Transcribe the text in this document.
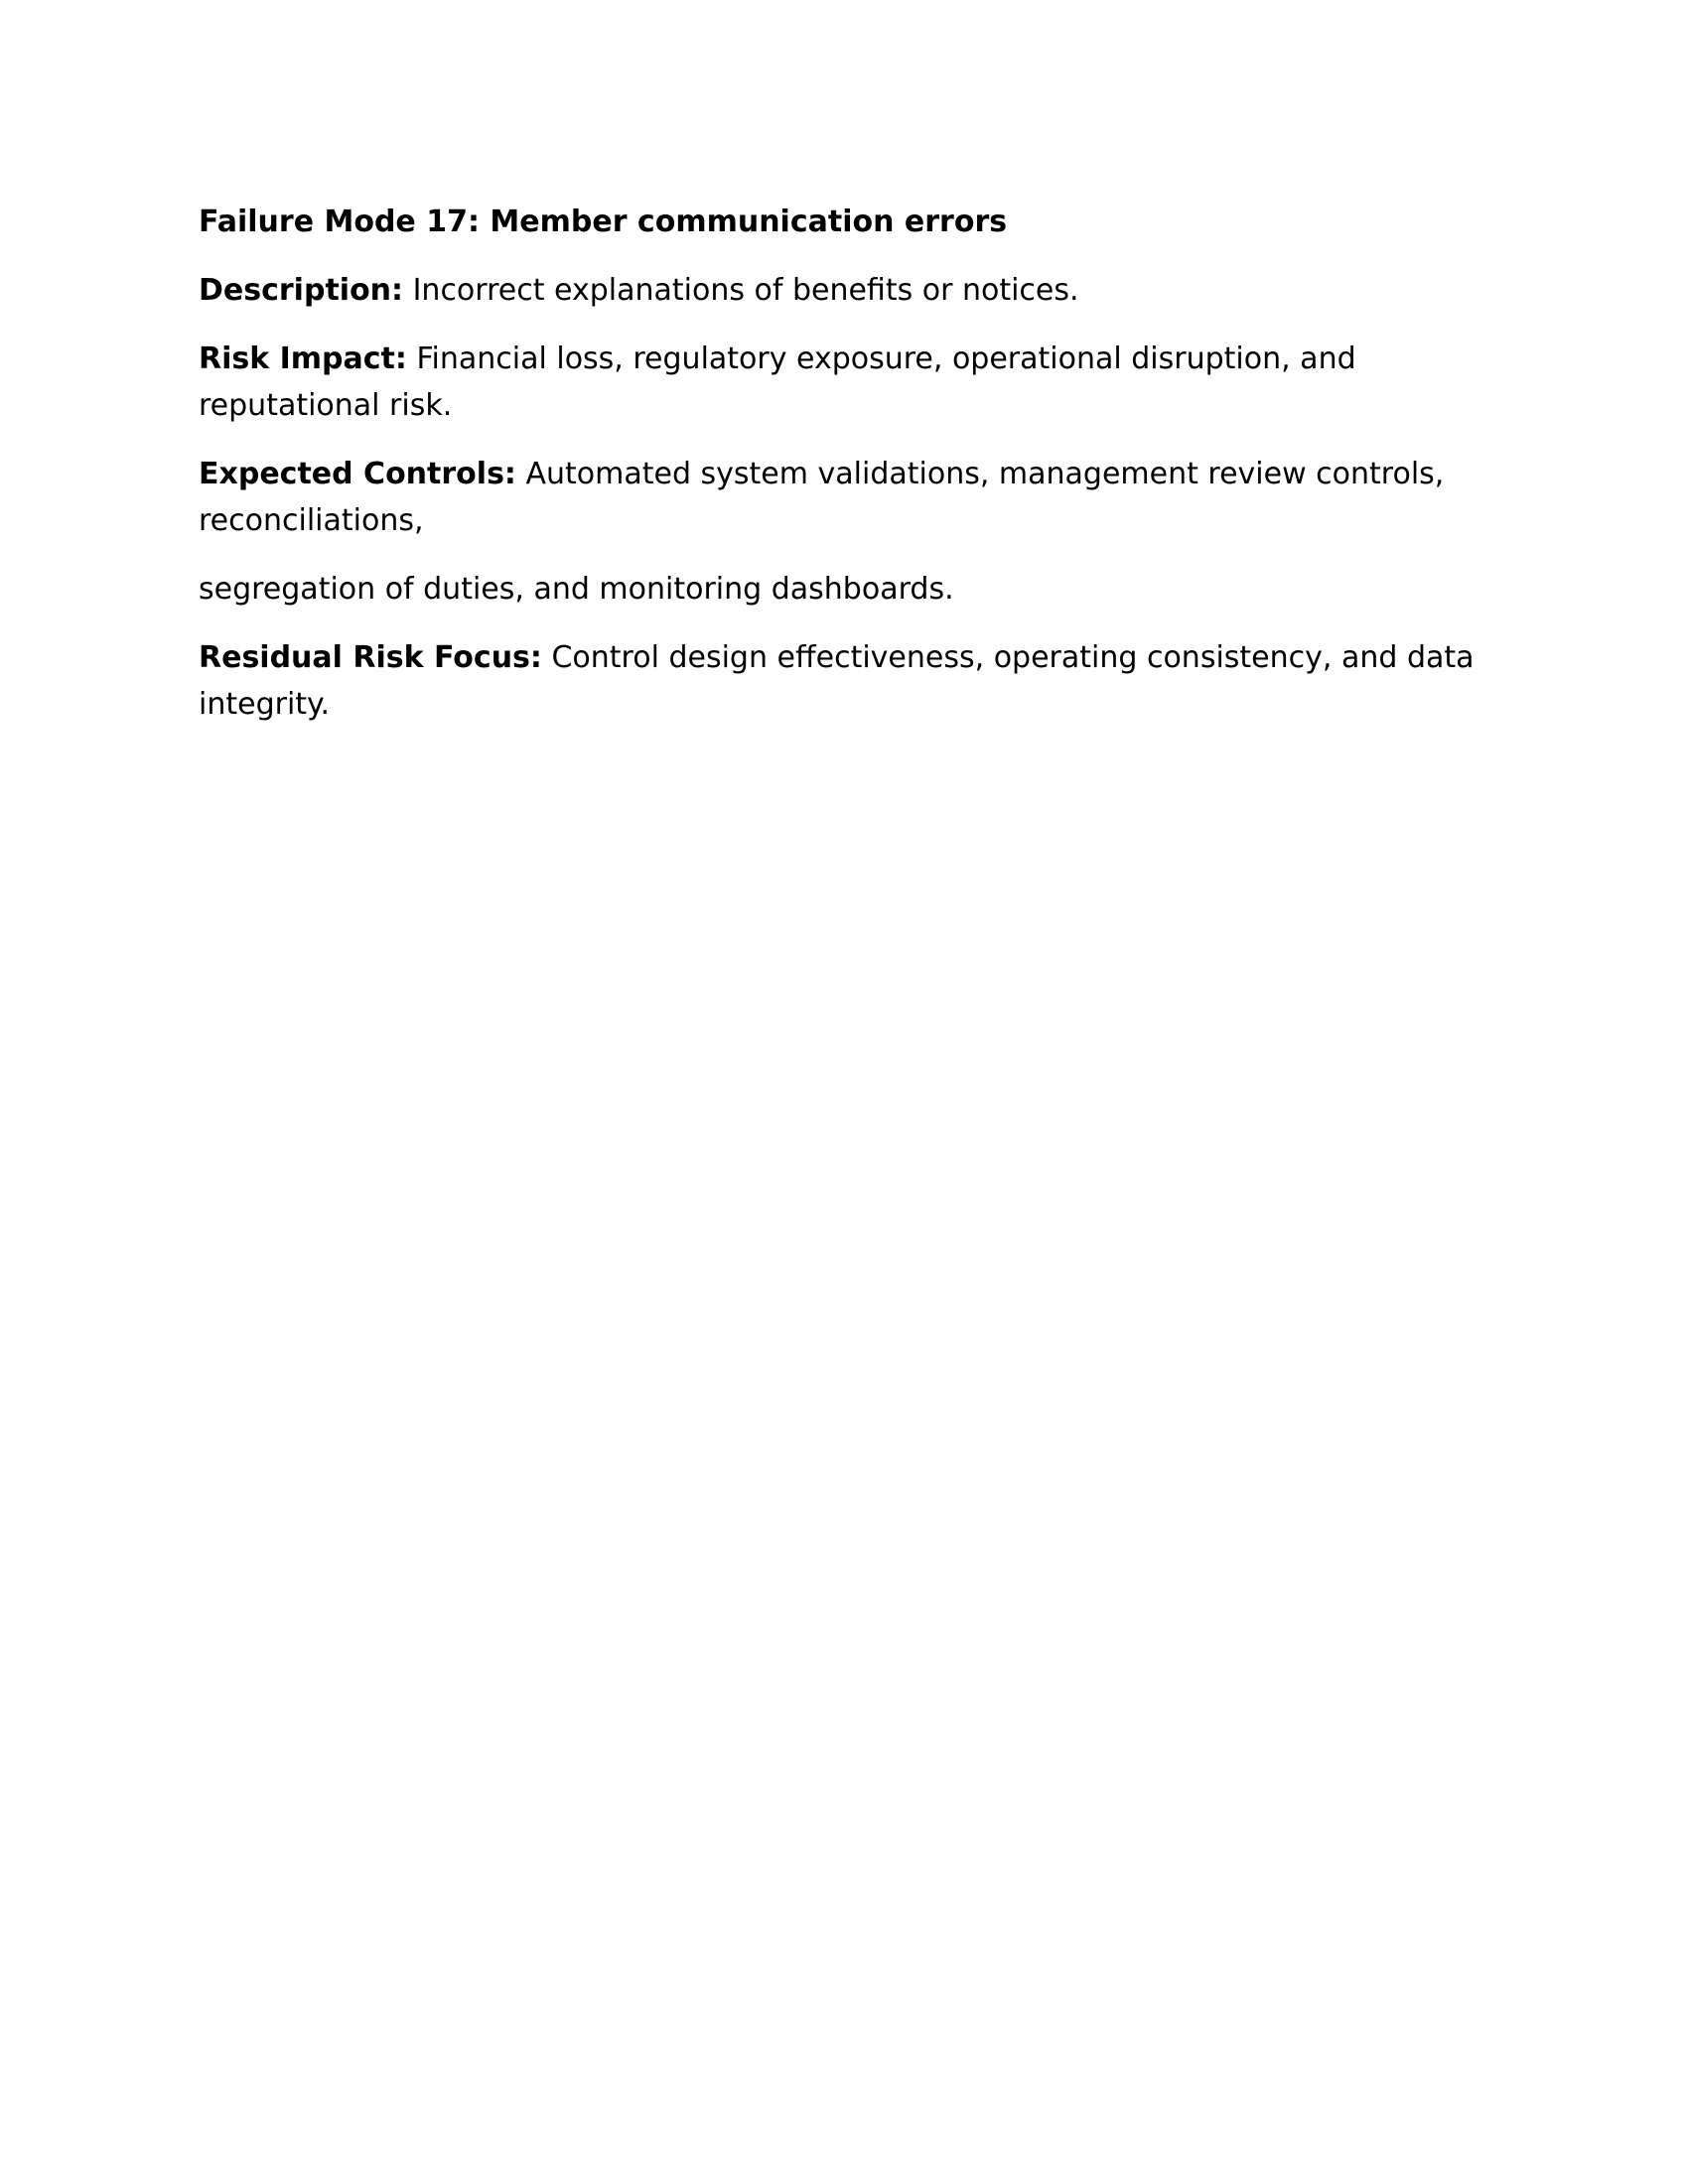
Failure Mode 17: Member communication errors

Description: Incorrect explanations of benefits or notices.

Risk Impact: Financial loss, regulatory exposure, operational disruption, and reputational risk.

Expected Controls: Automated system validations, management review controls, reconciliations,

segregation of duties, and monitoring dashboards.

Residual Risk Focus: Control design effectiveness, operating consistency, and data integrity.
